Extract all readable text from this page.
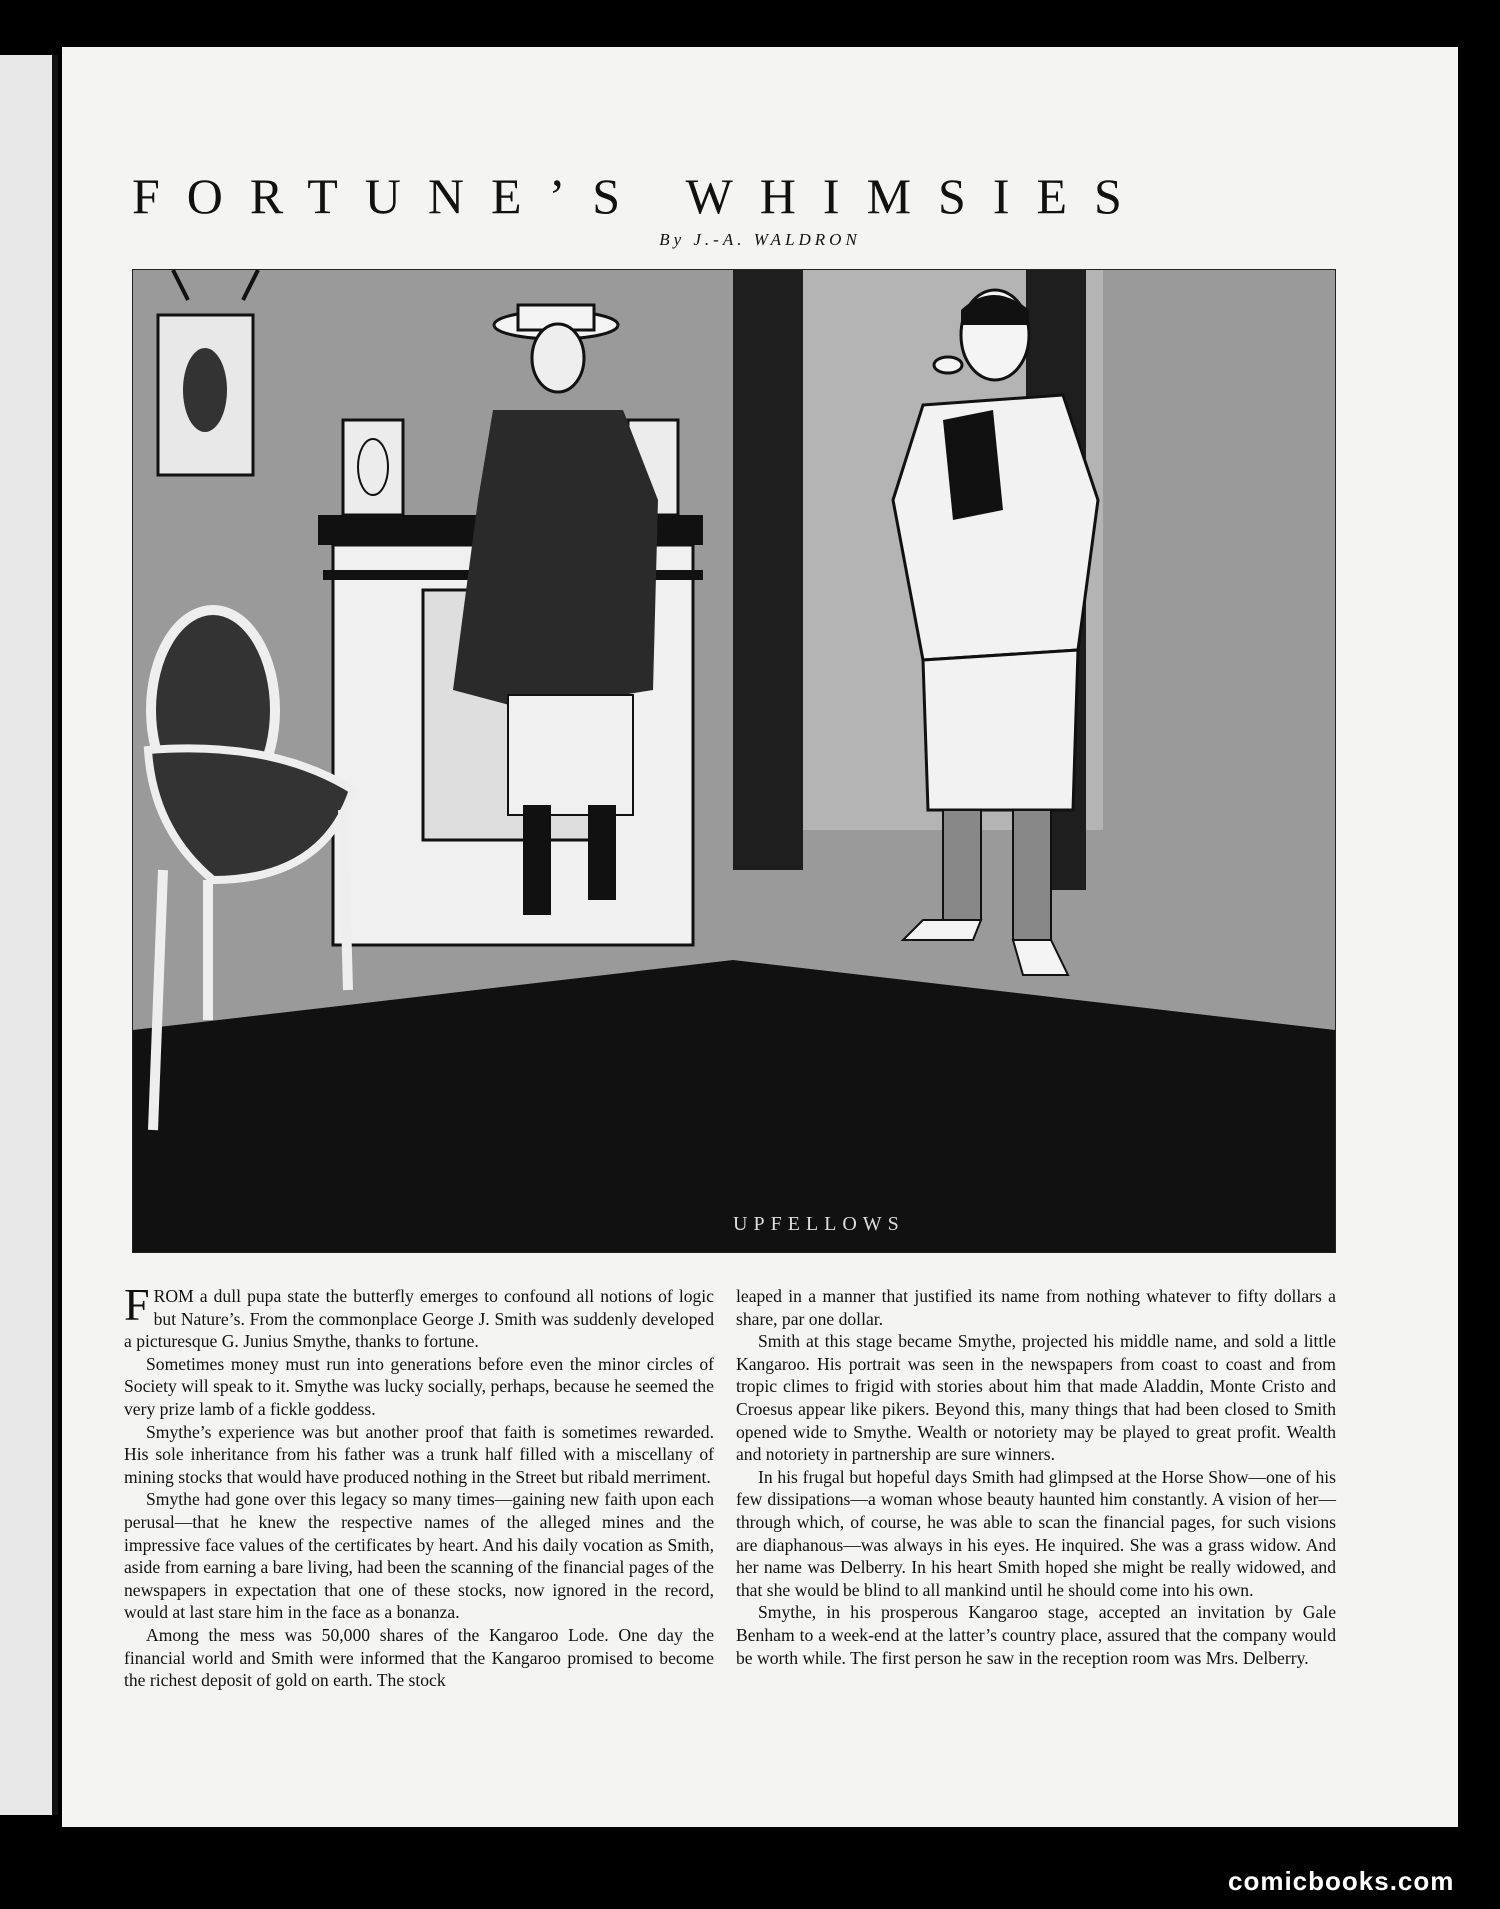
FORTUNE’S WHIMSIES
By J.-A. WALDRON
UPFELLOWS

FROM a dull pupa state the butterfly emerges to confound all notions of logic but Nature’s. From the commonplace George J. Smith was suddenly developed a picturesque G. Junius Smythe, thanks to fortune.

Sometimes money must run into generations before even the minor circles of Society will speak to it. Smythe was lucky socially, perhaps, because he seemed the very prize lamb of a fickle goddess.

Smythe’s experience was but another proof that faith is sometimes rewarded. His sole inheritance from his father was a trunk half filled with a miscellany of mining stocks that would have produced nothing in the Street but ribald merriment.

Smythe had gone over this legacy so many times—gaining new faith upon each perusal—that he knew the respective names of the alleged mines and the impressive face values of the certificates by heart. And his daily vocation as Smith, aside from earning a bare living, had been the scanning of the financial pages of the newspapers in expectation that one of these stocks, now ignored in the record, would at last stare him in the face as a bonanza.

Among the mess was 50,000 shares of the Kangaroo Lode. One day the financial world and Smith were informed that the Kangaroo promised to become the richest deposit of gold on earth. The stock

leaped in a manner that justified its name from nothing whatever to fifty dollars a share, par one dollar.

Smith at this stage became Smythe, projected his middle name, and sold a little Kangaroo. His portrait was seen in the newspapers from coast to coast and from tropic climes to frigid with stories about him that made Aladdin, Monte Cristo and Croesus appear like pikers. Beyond this, many things that had been closed to Smith opened wide to Smythe. Wealth or notoriety may be played to great profit. Wealth and notoriety in partnership are sure winners.

In his frugal but hopeful days Smith had glimpsed at the Horse Show—one of his few dissipations—a woman whose beauty haunted him constantly. A vision of her—through which, of course, he was able to scan the financial pages, for such visions are diaphanous—was always in his eyes. He inquired. She was a grass widow. And her name was Delberry. In his heart Smith hoped she might be really widowed, and that she would be blind to all mankind until he should come into his own.

Smythe, in his prosperous Kangaroo stage, accepted an invitation by Gale Benham to a week-end at the latter’s country place, assured that the company would be worth while. The first person he saw in the reception room was Mrs. Delberry.

comicbooks.com
